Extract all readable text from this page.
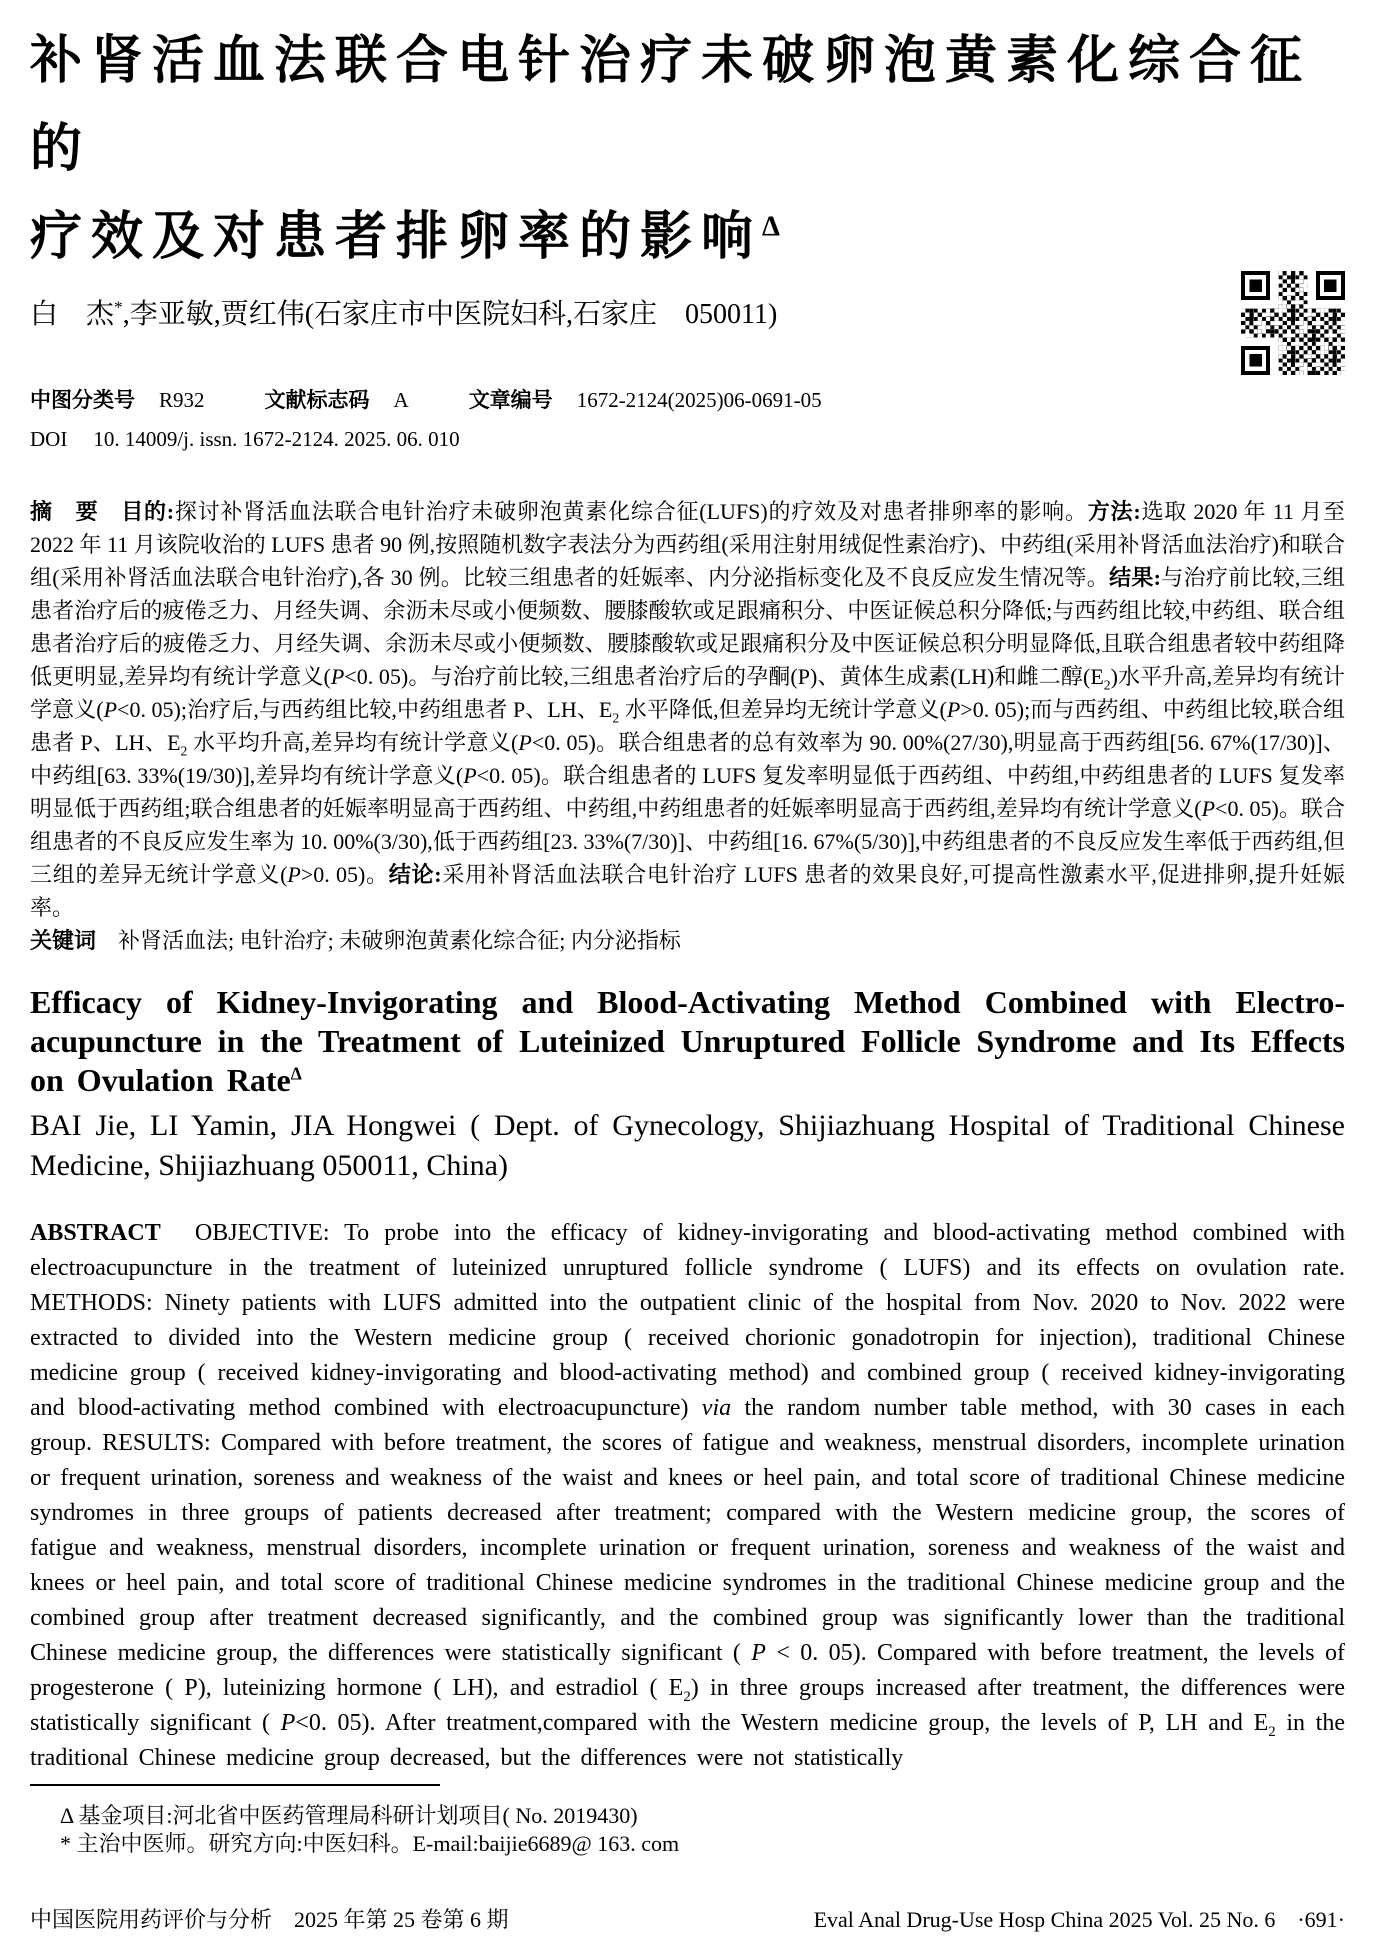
补肾活血法联合电针治疗未破卵泡黄素化综合征的
疗效及对患者排卵率的影响$^\Delta$

白　杰*,李亚敏,贾红伟(石家庄市中医院妇科,石家庄　050011)

中图分类号 R932	文献标志码 A	文章编号 1672-2124(2025)06-0691-05
DOI 10. 14009/j. issn. 1672-2124. 2025. 06. 010

摘　要　目的:探讨补肾活血法联合电针治疗未破卵泡黄素化综合征(LUFS)的疗效及对患者排卵率的影响。方法:选取 2020 年 11 月至 2022 年 11 月该院收治的 LUFS 患者 90 例,按照随机数字表法分为西药组(采用注射用绒促性素治疗)、中药组(采用补肾活血法治疗)和联合组(采用补肾活血法联合电针治疗),各 30 例。比较三组患者的妊娠率、内分泌指标变化及不良反应发生情况等。结果:与治疗前比较,三组患者治疗后的疲倦乏力、月经失调、余沥未尽或小便频数、腰膝酸软或足跟痛积分、中医证候总积分降低;与西药组比较,中药组、联合组患者治疗后的疲倦乏力、月经失调、余沥未尽或小便频数、腰膝酸软或足跟痛积分及中医证候总积分明显降低,且联合组患者较中药组降低更明显,差异均有统计学意义(P<0. 05)。与治疗前比较,三组患者治疗后的孕酮(P)、黄体生成素(LH)和雌二醇$(E_2)$水平升高,差异均有统计学意义(P<0. 05);治疗后,与西药组比较,中药组患者 P、LH、$E_2$ 水平降低,但差异均无统计学意义(P>0. 05);而与西药组、中药组比较,联合组患者 P、LH、$E_2$ 水平均升高,差异均有统计学意义(P<0. 05)。联合组患者的总有效率为 90. 00%(27/30),明显高于西药组[56. 67%(17/30)]、中药组[63. 33%(19/30)],差异均有统计学意义(P<0. 05)。联合组患者的 LUFS 复发率明显低于西药组、中药组,中药组患者的 LUFS 复发率明显低于西药组;联合组患者的妊娠率明显高于西药组、中药组,中药组患者的妊娠率明显高于西药组,差异均有统计学意义(P<0. 05)。联合组患者的不良反应发生率为 10. 00%(3/30),低于西药组[23. 33%(7/30)]、中药组[16. 67%(5/30)],中药组患者的不良反应发生率低于西药组,但三组的差异无统计学意义(P>0. 05)。结论:采用补肾活血法联合电针治疗 LUFS 患者的效果良好,可提高性激素水平,促进排卵,提升妊娠率。

关键词　补肾活血法; 电针治疗; 未破卵泡黄素化综合征; 内分泌指标

Efficacy of Kidney-Invigorating and Blood-Activating Method Combined with Electro-acupuncture in the Treatment of Luteinized Unruptured Follicle Syndrome and Its Effects on Ovulation Rate$^\Delta$

BAI Jie, LI Yamin, JIA Hongwei ( Dept. of Gynecology, Shijiazhuang Hospital of Traditional Chinese Medicine, Shijiazhuang 050011, China)

ABSTRACT　OBJECTIVE: To probe into the efficacy of kidney-invigorating and blood-activating method combined with electroacupuncture in the treatment of luteinized unruptured follicle syndrome ( LUFS) and its effects on ovulation rate. METHODS: Ninety patients with LUFS admitted into the outpatient clinic of the hospital from Nov. 2020 to Nov. 2022 were extracted to divided into the Western medicine group ( received chorionic gonadotropin for injection), traditional Chinese medicine group ( received kidney-invigorating and blood-activating method) and combined group ( received kidney-invigorating and blood-activating method combined with electroacupuncture) via the random number table method, with 30 cases in each group. RESULTS: Compared with before treatment, the scores of fatigue and weakness, menstrual disorders, incomplete urination or frequent urination, soreness and weakness of the waist and knees or heel pain, and total score of traditional Chinese medicine syndromes in three groups of patients decreased after treatment; compared with the Western medicine group, the scores of fatigue and weakness, menstrual disorders, incomplete urination or frequent urination, soreness and weakness of the waist and knees or heel pain, and total score of traditional Chinese medicine syndromes in the traditional Chinese medicine group and the combined group after treatment decreased significantly, and the combined group was significantly lower than the traditional Chinese medicine group, the differences were statistically significant ( P < 0. 05). Compared with before treatment, the levels of progesterone ( P), luteinizing hormone ( LH), and estradiol ( $E_2$) in three groups increased after treatment, the differences were statistically significant ( P<0. 05). After treatment,compared with the Western medicine group, the levels of P, LH and $E_2$ in the traditional Chinese medicine group decreased, but the differences were not statistically

Δ 基金项目:河北省中医药管理局科研计划项目( No. 2019430)

* 主治中医师。研究方向:中医妇科。E-mail:baijie6689@ 163. com

中国医院用药评价与分析　2025 年第 25 卷第 6 期	Eval Anal Drug-Use Hosp China 2025 Vol. 25 No. 6　·691·
